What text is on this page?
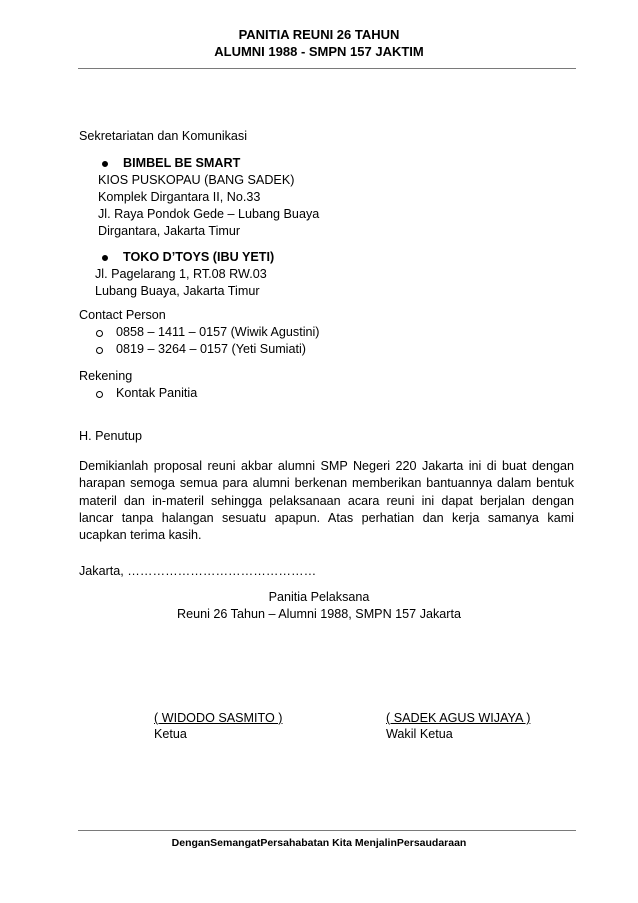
PANITIA REUNI 26 TAHUN
ALUMNI 1988 - SMPN 157 JAKTIM
Sekretariatan dan Komunikasi
BIMBEL BE SMART
KIOS PUSKOPAU (BANG SADEK)
Komplek Dirgantara II, No.33
Jl. Raya Pondok Gede – Lubang Buaya
Dirgantara, Jakarta Timur
TOKO D’TOYS (IBU YETI)
Jl. Pagelarang 1, RT.08 RW.03
Lubang Buaya, Jakarta Timur
Contact Person
0858 – 1411 – 0157 (Wiwik Agustini)
0819 – 3264 – 0157 (Yeti Sumiati)
Rekening
Kontak Panitia
H. Penutup
Demikianlah proposal reuni akbar alumni SMP Negeri 220 Jakarta ini di buat dengan harapan semoga semua para alumni berkenan memberikan bantuannya dalam bentuk materil dan in-materil sehingga pelaksanaan acara reuni ini dapat berjalan dengan lancar tanpa halangan sesuatu apapun. Atas perhatian dan kerja samanya kami ucapkan terima kasih.
Jakarta, ………………………………………
Panitia Pelaksana
Reuni 26 Tahun – Alumni 1988, SMPN 157 Jakarta
( WIDODO SASMITO )
Ketua
( SADEK AGUS WIJAYA )
Wakil Ketua
DenganSemangatPersahabatan Kita MenjalinPersaudaraan
